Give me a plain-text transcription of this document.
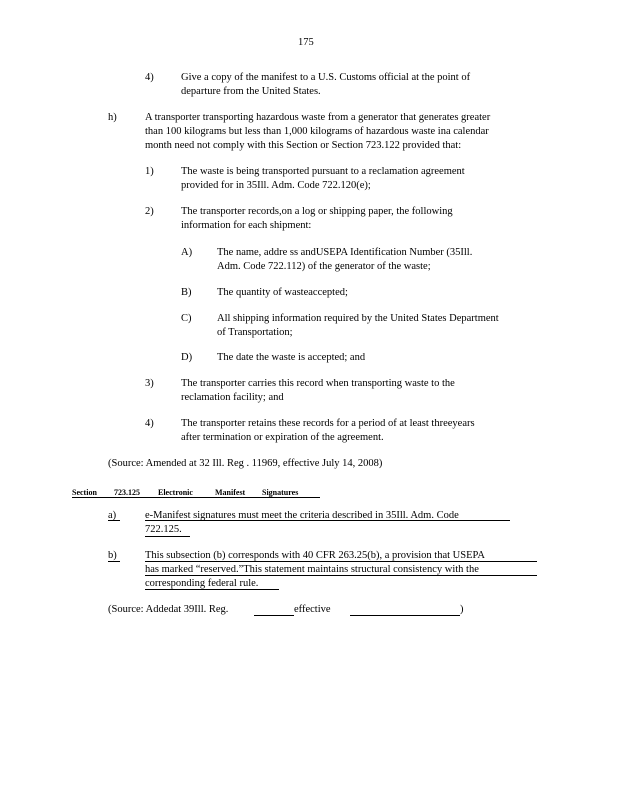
175
4)	Give a copy of the manifest to a U.S. Customs official at the point of
departure from the United States.
h)	A transporter transporting hazardous waste from a generator that generates greater
than 100 kilograms but less than 1,000 kilograms of hazardous waste ina calendar
month need not comply with this Section or Section 723.122 provided that:
1)	The waste is being transported pursuant to a reclamation agreement
provided for in 35Ill. Adm. Code 722.120(e);
2)	The transporter records,on a log or shipping paper, the following
information for each shipment:
A) The name, addre ss andUSEPA Identification Number (35Ill.
Adm. Code 722.112) of the generator of the waste;
B) The quantity of wasteaccepted;
C) All shipping information required by the United States Department
of Transportation;
D) The date the waste is accepted; and
3)	The transporter carries this record when transporting waste to the
reclamation facility; and
4)	The transporter retains these records for a period of at least threeyears
after termination or expiration of the agreement.
(Source: Amended at 32 Ill. Reg . 11969, effective July 14, 2008)
Section 723.125 Electronic	Manifest Signatures
a)	e-Manifest signatures must meet the criteria described in 35Ill. Adm. Code
722.125.
b)	This subsection (b) corresponds with 40 CFR 263.25(b), a provision that USEPA
has marked “reserved.”This statement maintains structural consistency with the
corresponding federal rule.
(Source: Addedat 39Ill. Reg.	effective	)
